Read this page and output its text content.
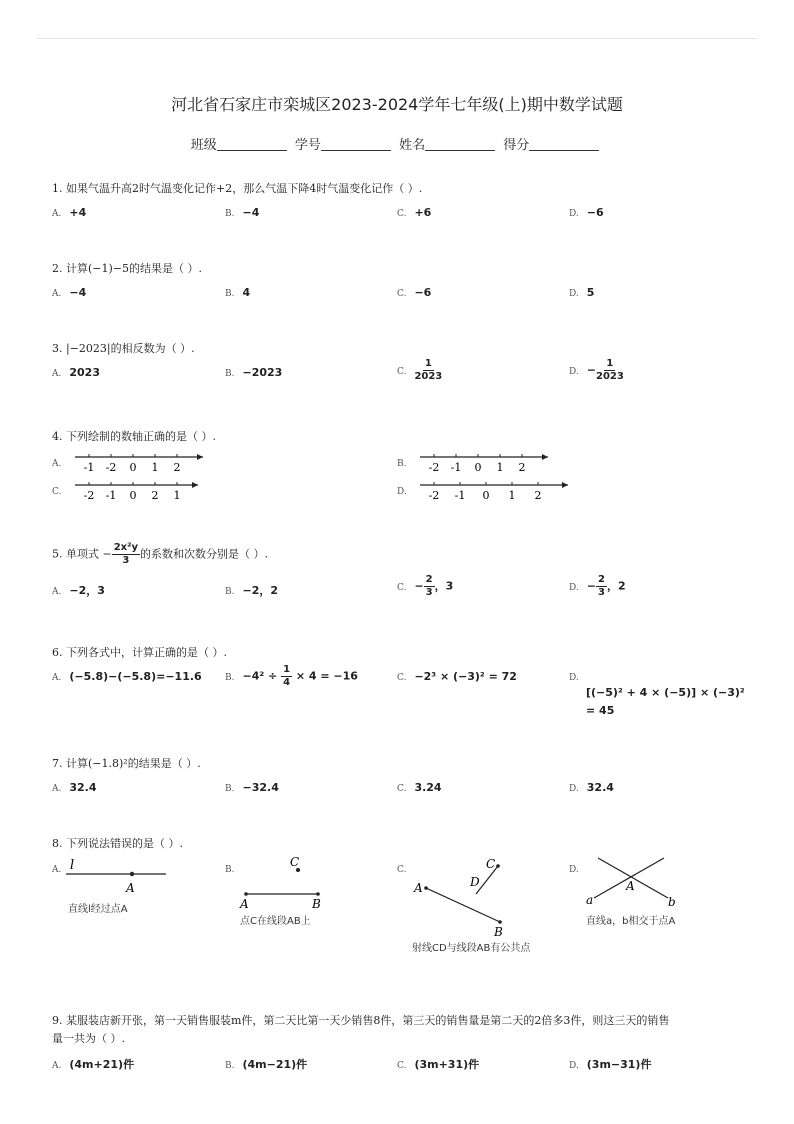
河北省石家庄市栾城区2023-2024学年七年级(上)期中数学试题
班级	学号	姓名	得分
1. 如果气温升高2时气温变化记作+2，那么气温下降4时气温变化记作（ ）.
A. +4	B. −4	C. +6	D. −6
2. 计算(−1)−5的结果是（ ）.
A. −4	B. 4	C. −6	D. 5
3. |−2023|的相反数为（ ）.
A. 2023	B. −2023	C. $\frac{1}{2023}$	D. − $\frac{1}{2023}$
4. 下列绘制的数轴正确的是（ ）.
A. -1 -2 0 1 2	B. -2 -1 0 1 2
C. -2 -1 0 2 1	D. -2 -1 0 1 2
5. 单项式 − $\frac{\text{2x²y}}{3}$ 的系数和次数分别是（ ）.
A. −2，3	B. −2，2	C. − $\frac{2}{3}$ ，3	D. − $\frac{2}{3}$ ，2
6. 下列各式中，计算正确的是（ ）.
A. (−5.8)−(−5.8)=−11.6	B. $-4^2 \div \frac{1}{4} \times 4 = -16$	C. −2³ × (−3)² = 72	D.
[(−5)² + 4 × (−5)] × (−3)²
= 45
7. 计算(−1.8)²的结果是（ ）.
A. 32.4	B. −32.4	C. 3.24	D. 32.4
8. 下列说法错误的是（ ）.
A. l
A
直线l经过点A
B.
C
A	B
点C在线段AB上
C.	C
D
A
B
射线CD与线段AB有公共点
D.
A
a	b
直线a，b相交于点A
9. 某服装店新开张，第一天销售服装m件，第二天比第一天少销售8件，第三天的销售量是第二天的2倍多3件，则这三天的销售
量一共为（ ）.
A. (4m+21)件	B. (4m−21)件	C. (3m+31)件	D. (3m−31)件
